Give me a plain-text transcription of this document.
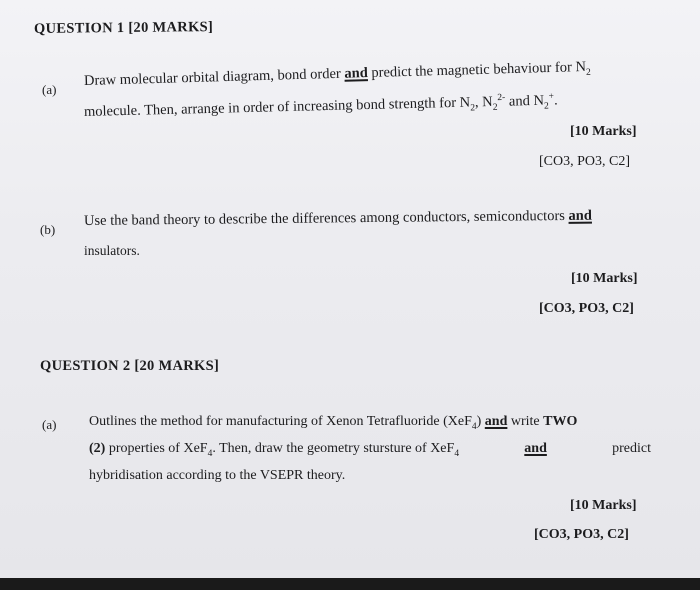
QUESTION 1 [20 MARKS]
(a)
Draw molecular orbital diagram, bond order and predict the magnetic behaviour for $N_2$
molecule. Then, arrange in order of increasing bond strength for $N_2$, $N_2^{2-}$ and $N_2^+$.
[10 Marks]
[CO3, PO3, C2]
(b)
Use the band theory to describe the differences among conductors, semiconductors and
insulators.
[10 Marks]
[CO3, PO3, C2]
QUESTION 2 [20 MARKS]
(a) Outlines the method for manufacturing of Xenon Tetrafluoride (XeF$_4$) and write TWO
(2) properties of XeF$_4$. Then, draw the geometry stursture of XeF$_4$	and	predict
hybridisation according to the VSEPR theory.
[10 Marks]
[CO3, PO3, C2]
